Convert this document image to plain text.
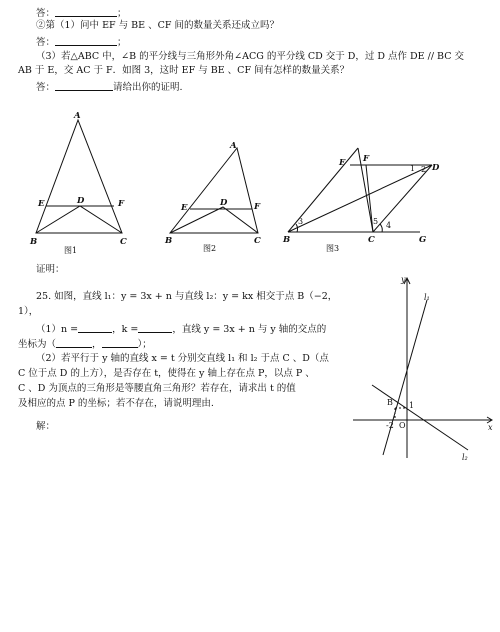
答：	；
②第（1）问中 EF 与 BE 、CF 间的数量关系还成立吗？
答：	；
（3）若△ABC 中，∠B 的平分线与三角形外角∠ACG 的平分线 CD 交于 D，过 D 点作 DE // BC 交
AB 于 E，交 AC 于 F．如图 3，这时 EF 与 BE 、CF 间有怎样的数量关系？
答：	请给出你的证明.
A
E	D	F
B	C
图1
A
E	D	F
B	C
图2
E F
D
B	C	G
1 2
3	4
5
图3
y
l₁
B 1
-2 O	x
l₂
证明：
25. 如图，直线 l₁：y = 3x + n 与直线 l₂：y = kx 相交于点 B（−2，
1），
（1）n =	，k =	，直线 y = 3x + n 与 y 轴的交点的
坐标为（	，	）；
（2）若平行于 y 轴的直线 x = t 分别交直线 l₁ 和 l₂ 于点 C 、D（点
C 位于点 D 的上方），是否存在 t，使得在 y 轴上存在点 P，以点 P 、
C 、D 为顶点的三角形是等腰直角三角形？若存在，请求出 t 的值
及相应的点 P 的坐标；若不存在，请说明理由.
解：
